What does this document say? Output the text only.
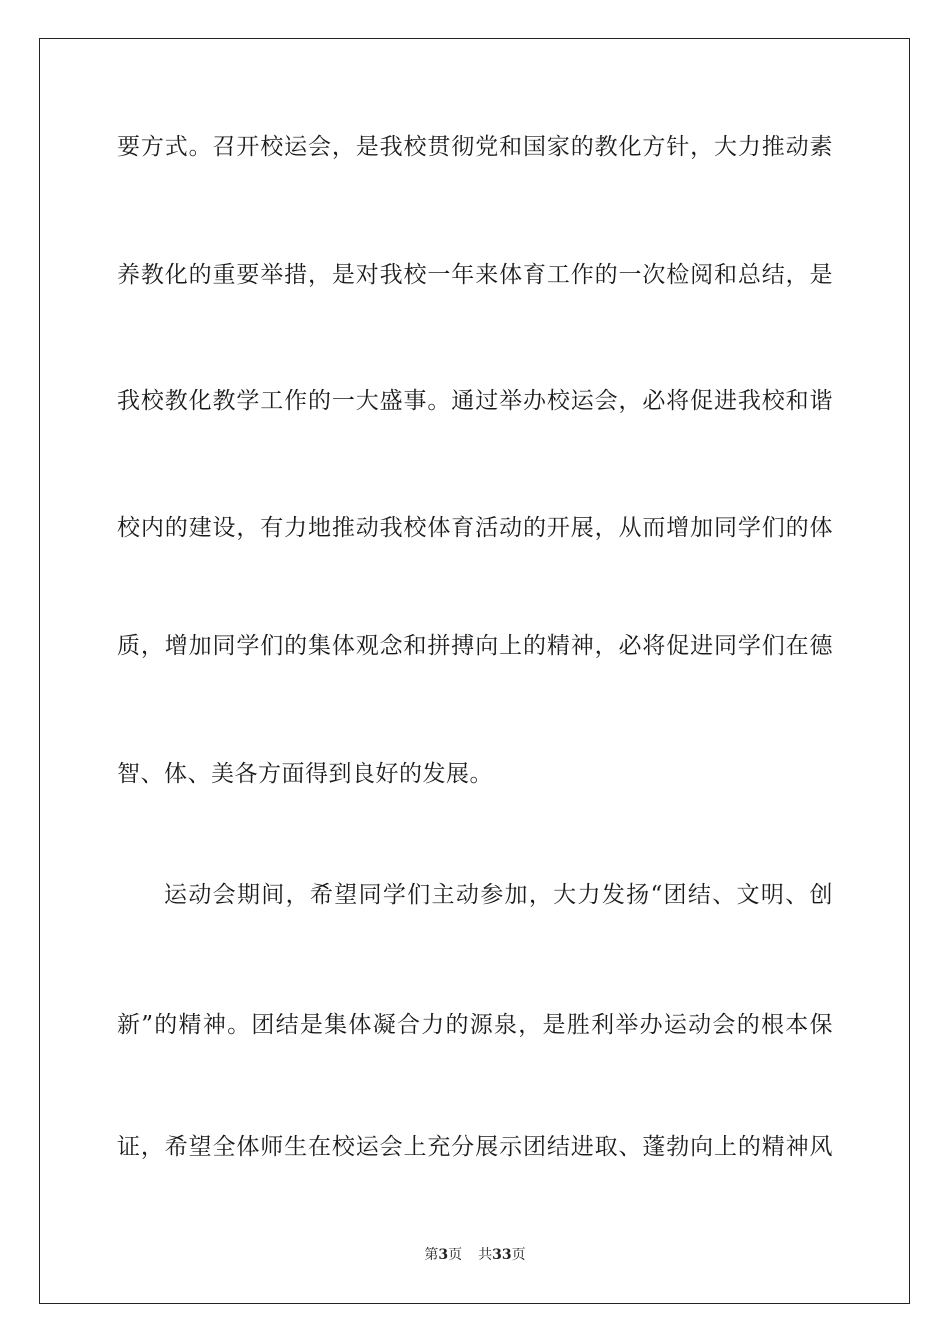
要方式。召开校运会，是我校贯彻党和国家的教化方针，大力推动素
养教化的重要举措，是对我校一年来体育工作的一次检阅和总结，是
我校教化教学工作的一大盛事。通过举办校运会，必将促进我校和谐
校内的建设，有力地推动我校体育活动的开展，从而增加同学们的体
质，增加同学们的集体观念和拼搏向上的精神，必将促进同学们在德
智、体、美各方面得到良好的发展。
运动会期间，希望同学们主动参加，大力发扬“团结、文明、创
新”的精神。团结是集体凝合力的源泉，是胜利举办运动会的根本保
证，希望全体师生在校运会上充分展示团结进取、蓬勃向上的精神风
第3页 共33页
